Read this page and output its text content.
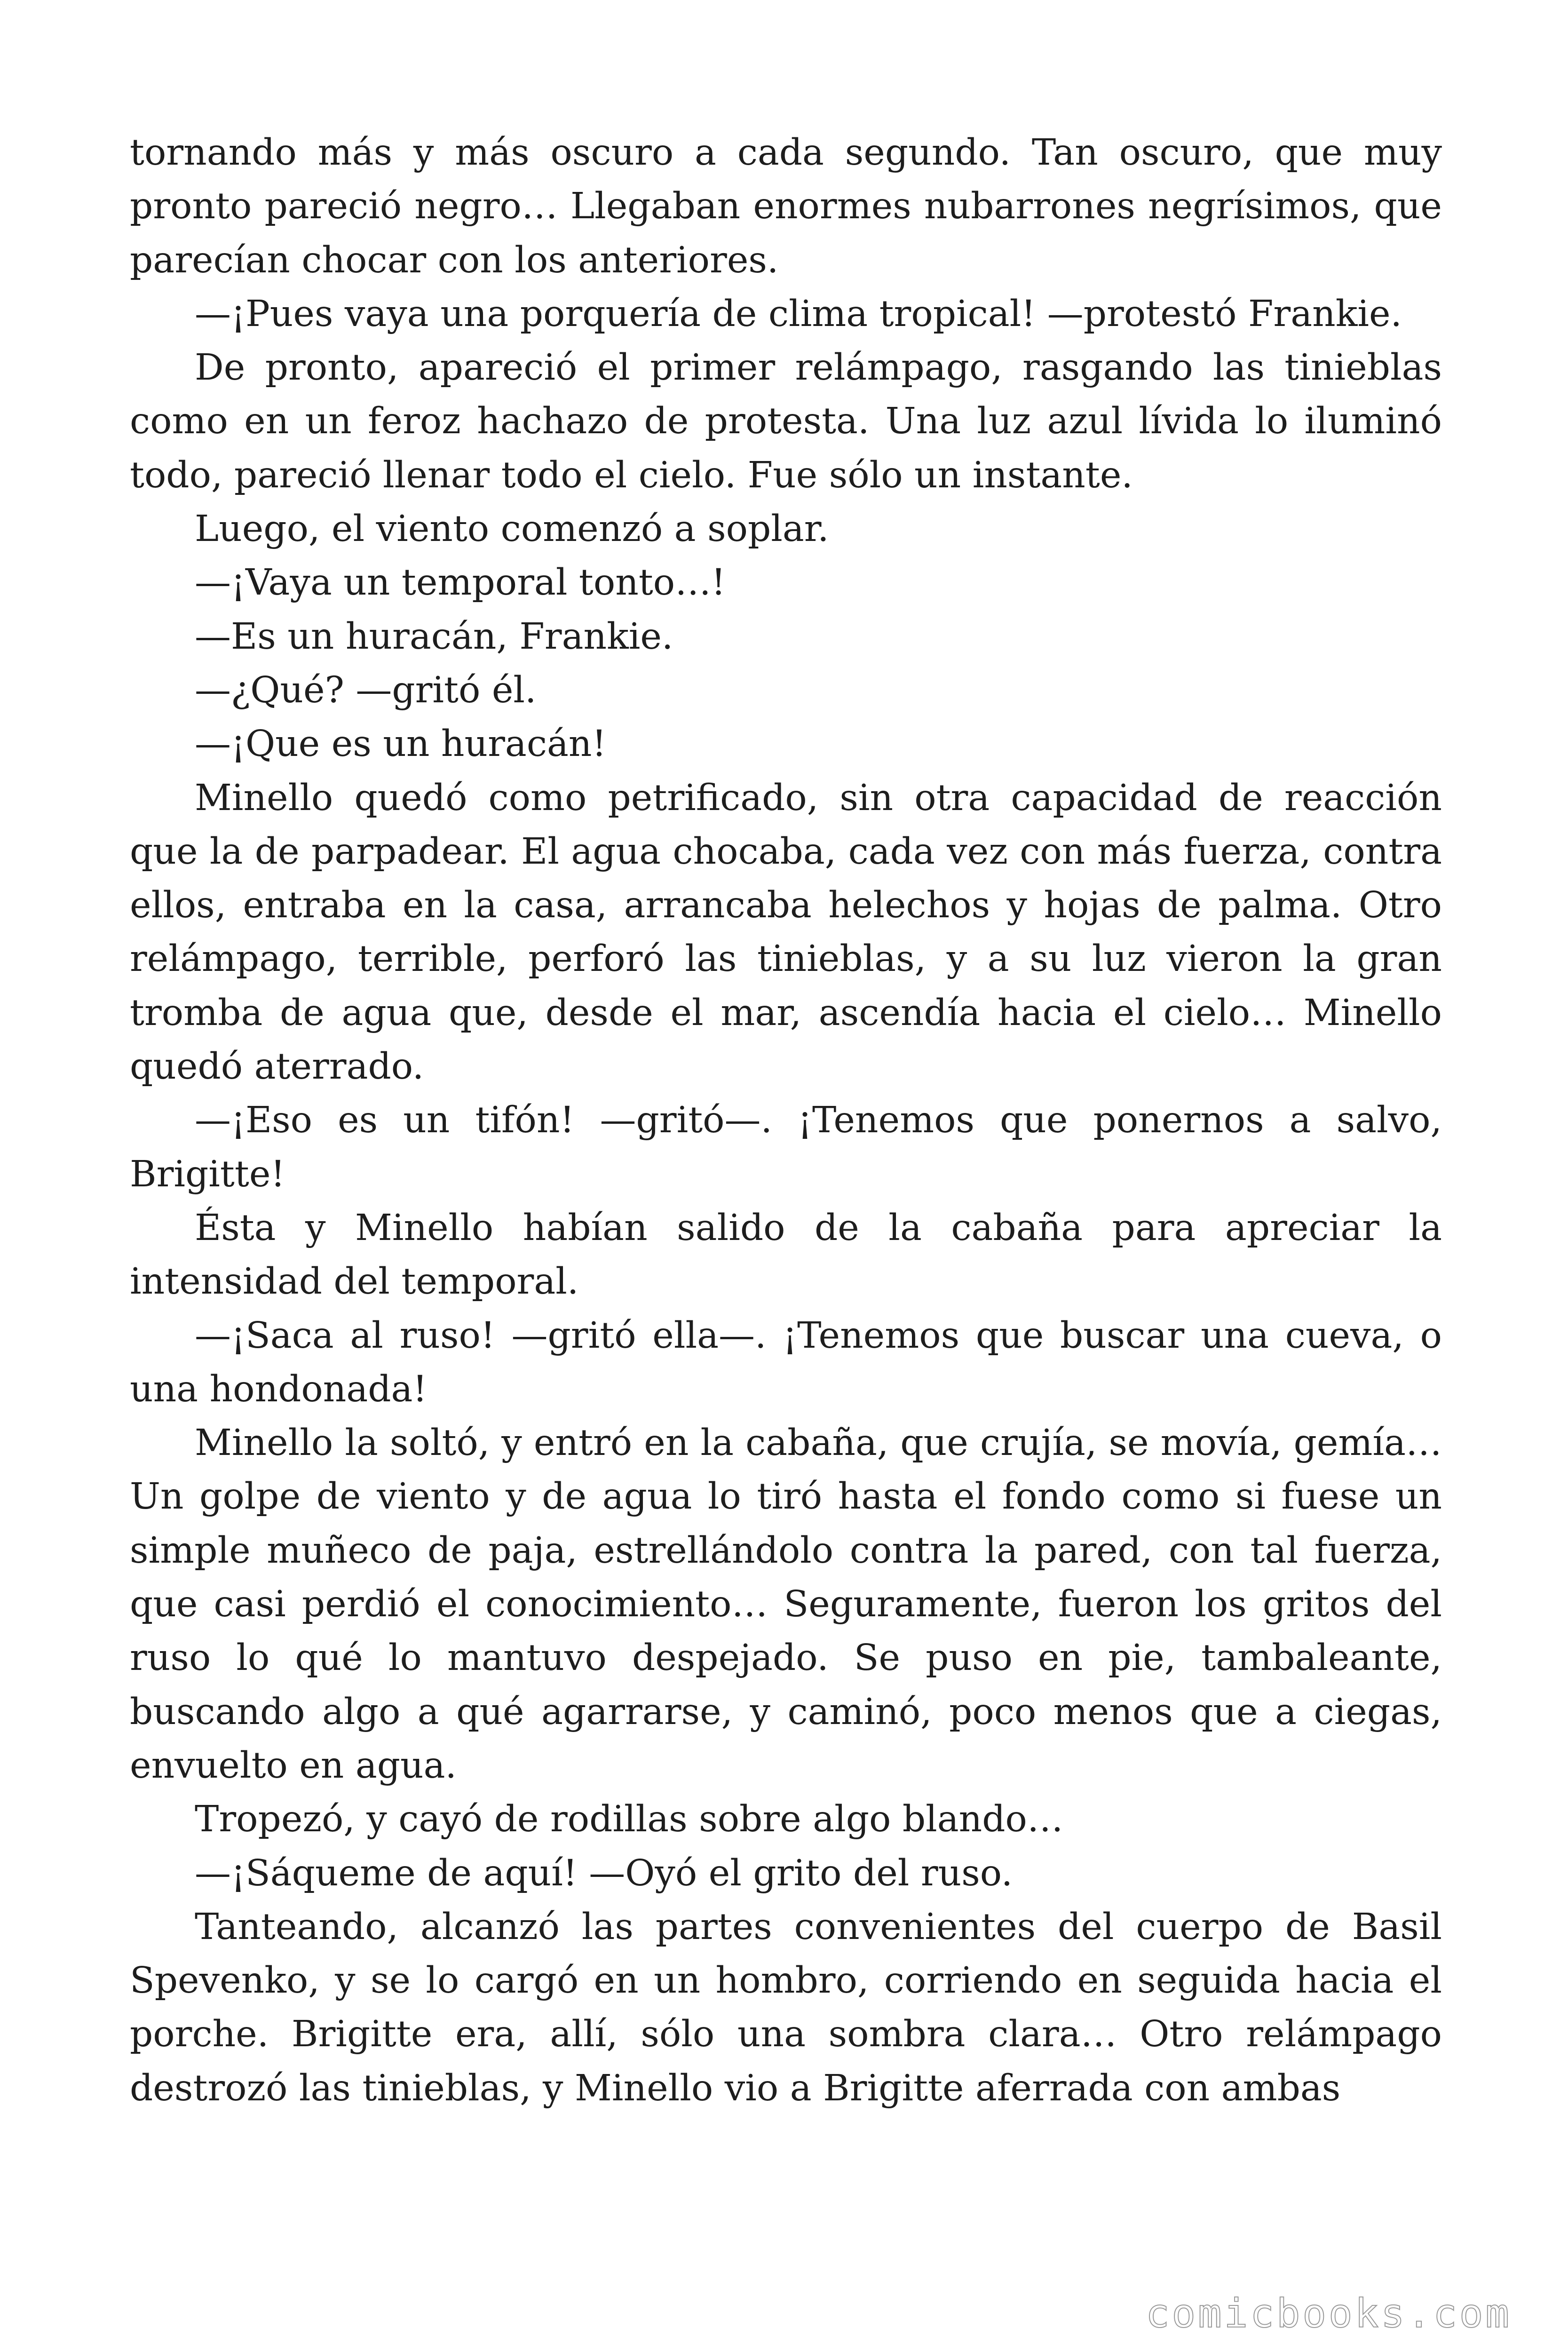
tornando más y más oscuro a cada segundo. Tan oscuro, que muy pronto pareció negro… Llegaban enormes nubarrones negrísimos, que parecían chocar con los anteriores.

—¡Pues vaya una porquería de clima tropical! —protestó Frankie.

De pronto, apareció el primer relámpago, rasgando las tinieblas como en un feroz hachazo de protesta. Una luz azul lívida lo iluminó todo, pareció llenar todo el cielo. Fue sólo un instante.

Luego, el viento comenzó a soplar.

—¡Vaya un temporal tonto…!

—Es un huracán, Frankie.

—¿Qué? —gritó él.

—¡Que es un huracán!

Minello quedó como petrificado, sin otra capacidad de reacción que la de parpadear. El agua chocaba, cada vez con más fuerza, contra ellos, entraba en la casa, arrancaba helechos y hojas de palma. Otro relámpago, terrible, perforó las tinieblas, y a su luz vieron la gran tromba de agua que, desde el mar, ascendía hacia el cielo… Minello quedó aterrado.

—¡Eso es un tifón! —gritó—. ¡Tenemos que ponernos a salvo, Brigitte!

Ésta y Minello habían salido de la cabaña para apreciar la intensidad del temporal.

—¡Saca al ruso! —gritó ella—. ¡Tenemos que buscar una cueva, o una hondonada!

Minello la soltó, y entró en la cabaña, que crujía, se movía, gemía… Un golpe de viento y de agua lo tiró hasta el fondo como si fuese un simple muñeco de paja, estrellándolo contra la pared, con tal fuerza, que casi perdió el conocimiento… Seguramente, fueron los gritos del ruso lo qué lo mantuvo despejado. Se puso en pie, tambaleante, buscando algo a qué agarrarse, y caminó, poco menos que a ciegas, envuelto en agua.

Tropezó, y cayó de rodillas sobre algo blando…

—¡Sáqueme de aquí! —Oyó el grito del ruso.

Tanteando, alcanzó las partes convenientes del cuerpo de Basil Spevenko, y se lo cargó en un hombro, corriendo en seguida hacia el porche. Brigitte era, allí, sólo una sombra clara… Otro relámpago destrozó las tinieblas, y Minello vio a Brigitte aferrada con ambas

comicbooks.com
